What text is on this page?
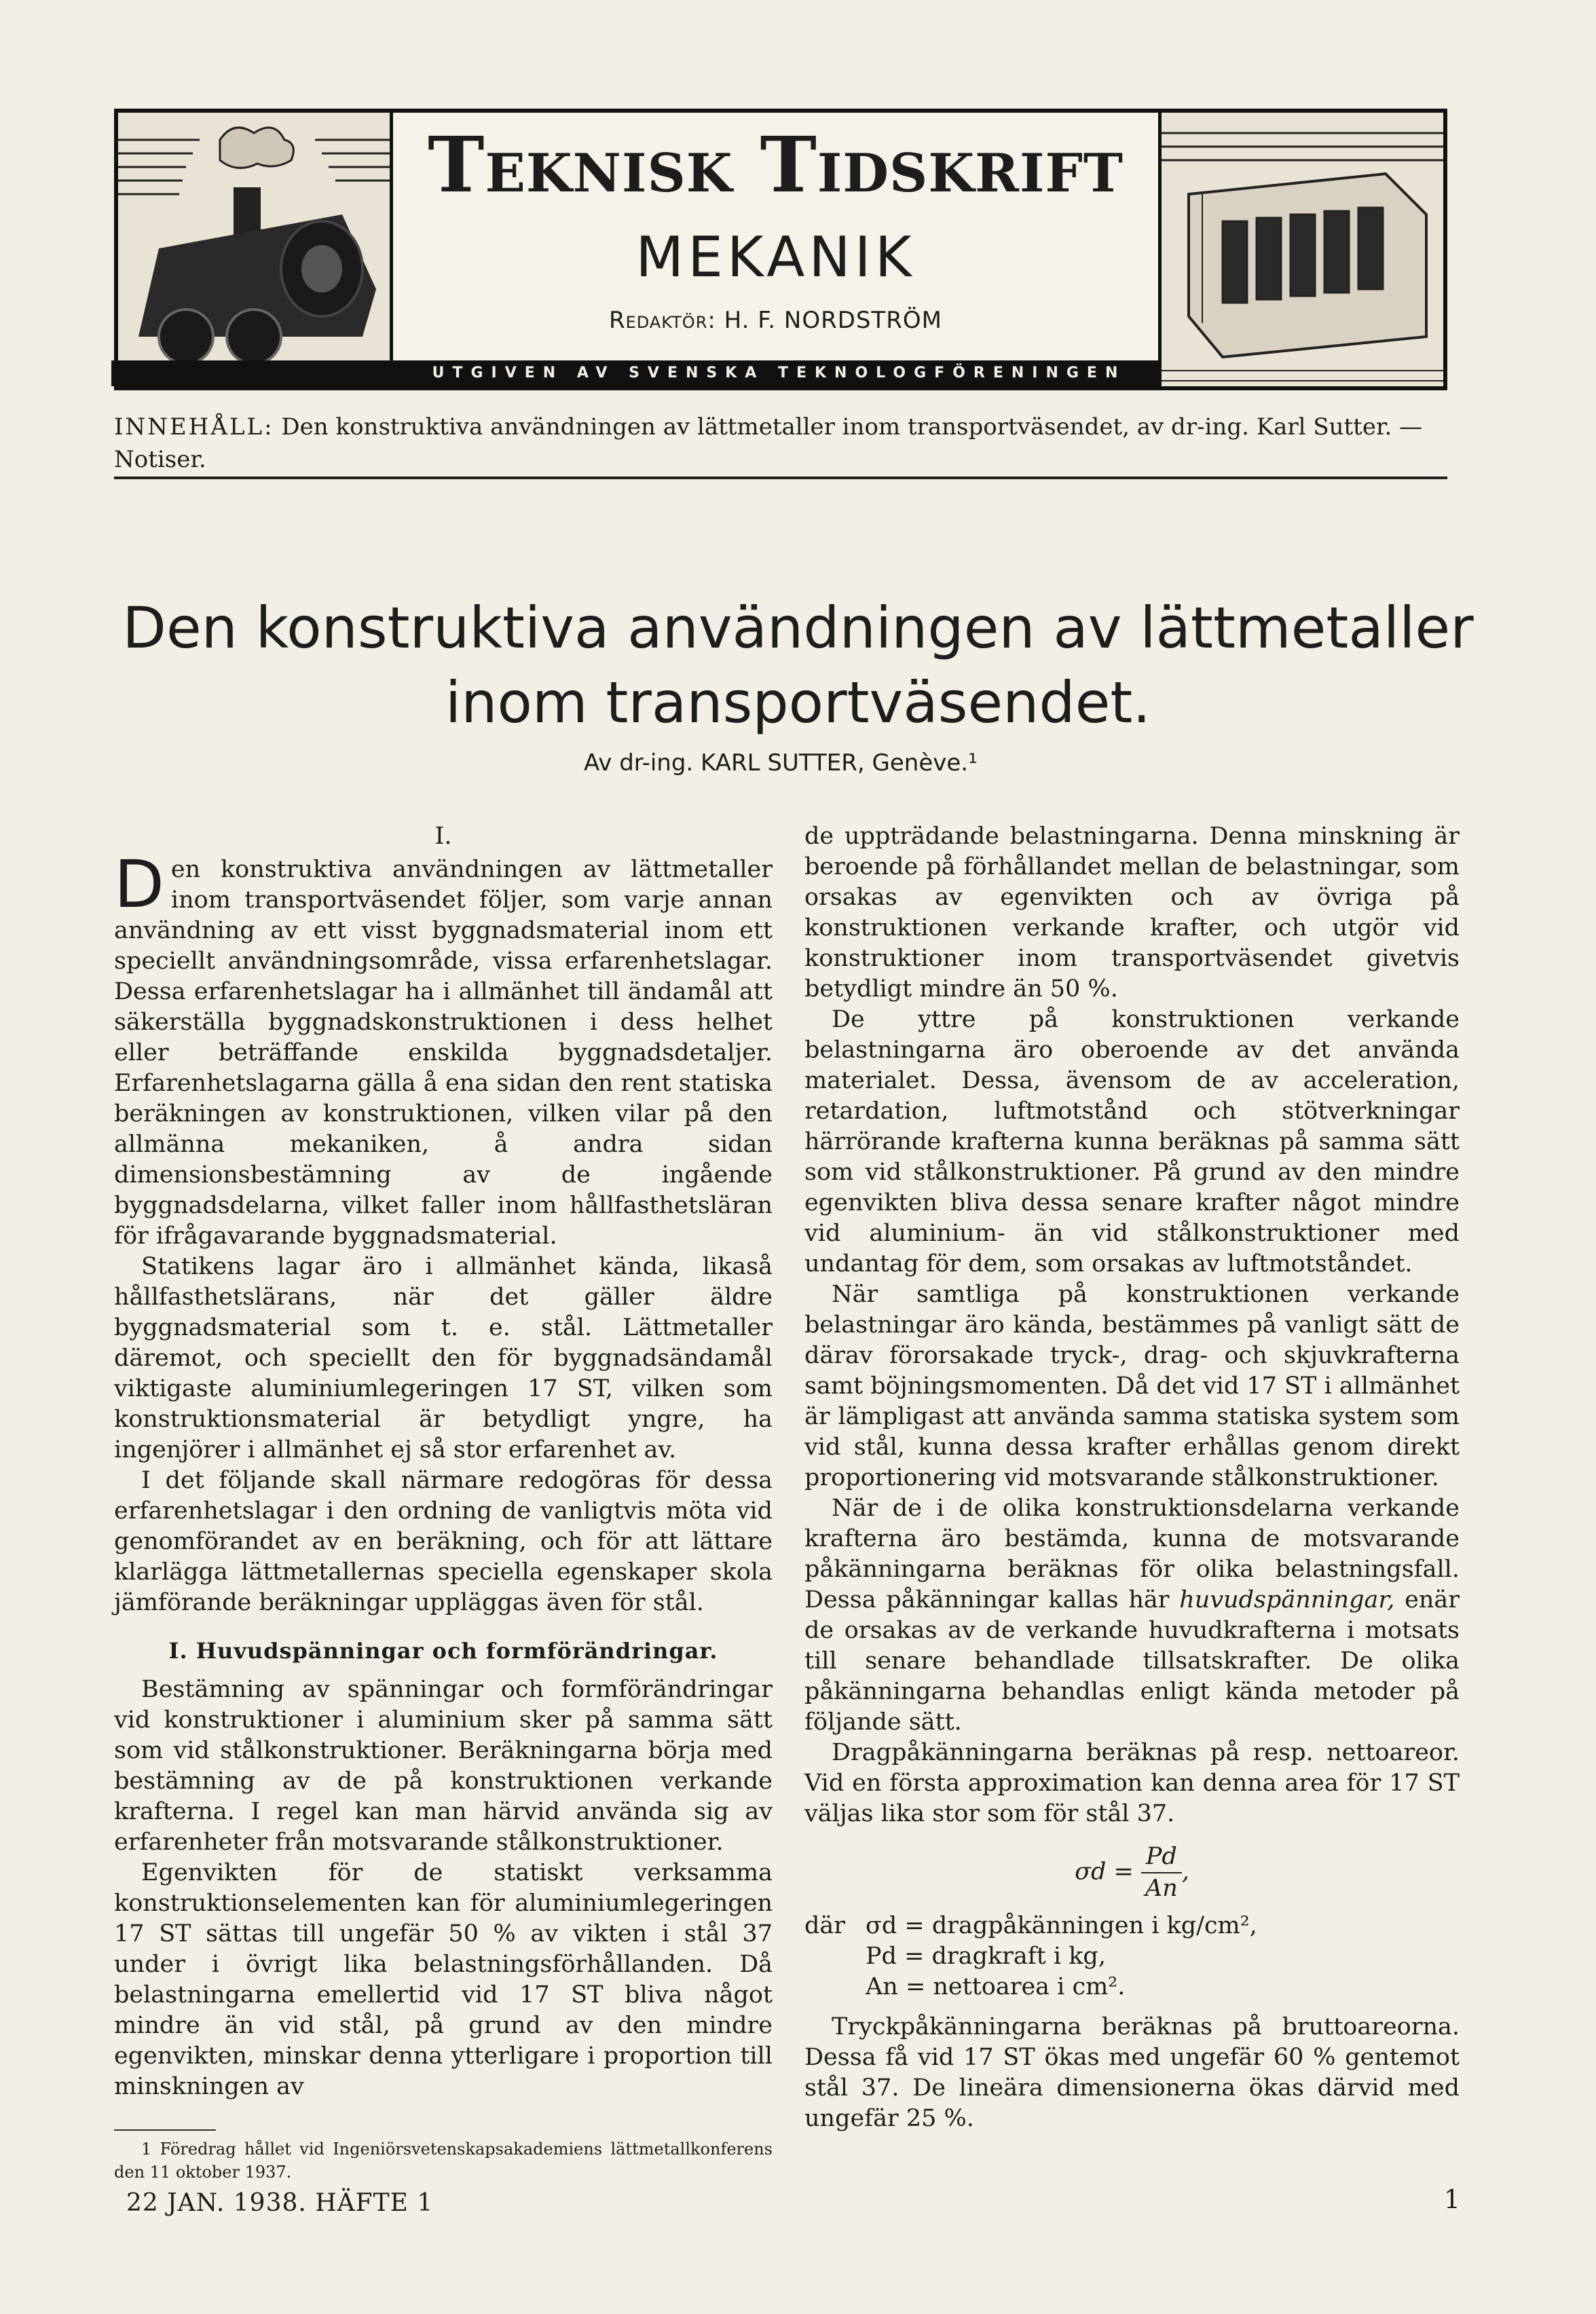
Teknisk Tidskrift
MEKANIK
Redaktör: H. F. NORDSTRÖM
UTGIVEN AV SVENSKA TEKNOLOGFÖRENINGEN
INNEHÅLL: Den konstruktiva användningen av lättmetaller inom transportväsendet, av dr-ing. Karl Sutter. — Notiser.
Den konstruktiva användningen av lättmetaller inom transportväsendet.
Av dr-ing. KARL SUTTER, Genève.¹
I.

Den konstruktiva användningen av lättmetaller inom transportväsendet följer, som varje annan användning av ett visst byggnadsmaterial inom ett speciellt användningsområde, vissa erfarenhetslagar. Dessa erfarenhetslagar ha i allmänhet till ändamål att säkerställa byggnadskonstruktionen i dess helhet eller beträffande enskilda byggnadsdetaljer. Erfarenhetslagarna gälla å ena sidan den rent statiska beräkningen av konstruktionen, vilken vilar på den allmänna mekaniken, å andra sidan dimensionsbestämning av de ingående byggnadsdelarna, vilket faller inom hållfasthetsläran för ifrågavarande byggnadsmaterial.

Statikens lagar äro i allmänhet kända, likaså hållfasthetslärans, när det gäller äldre byggnadsmaterial som t. e. stål. Lättmetaller däremot, och speciellt den för byggnadsändamål viktigaste aluminiumlegeringen 17 ST, vilken som konstruktionsmaterial är betydligt yngre, ha ingenjörer i allmänhet ej så stor erfarenhet av.

I det följande skall närmare redogöras för dessa erfarenhetslagar i den ordning de vanligtvis möta vid genomförandet av en beräkning, och för att lättare klarlägga lättmetallernas speciella egenskaper skola jämförande beräkningar uppläggas även för stål.

I. Huvudspänningar och formförändringar.

Bestämning av spänningar och formförändringar vid konstruktioner i aluminium sker på samma sätt som vid stålkonstruktioner. Beräkningarna börja med bestämning av de på konstruktionen verkande krafterna. I regel kan man härvid använda sig av erfarenheter från motsvarande stålkonstruktioner.

Egenvikten för de statiskt verksamma konstruktionselementen kan för aluminiumlegeringen 17 ST sättas till ungefär 50 % av vikten i stål 37 under i övrigt lika belastningsförhållanden. Då belastningarna emellertid vid 17 ST bliva något mindre än vid stål, på grund av den mindre egenvikten, minskar denna ytterligare i proportion till minskningen av

1 Föredrag hållet vid Ingeniörsvetenskapsakademiens lättmetallkonferens den 11 oktober 1937.

de uppträdande belastningarna. Denna minskning är beroende på förhållandet mellan de belastningar, som orsakas av egenvikten och av övriga på konstruktionen verkande krafter, och utgör vid konstruktioner inom transportväsendet givetvis betydligt mindre än 50 %.

De yttre på konstruktionen verkande belastningarna äro oberoende av det använda materialet. Dessa, ävensom de av acceleration, retardation, luftmotstånd och stötverkningar härrörande krafterna kunna beräknas på samma sätt som vid stålkonstruktioner. På grund av den mindre egenvikten bliva dessa senare krafter något mindre vid aluminium- än vid stålkonstruktioner med undantag för dem, som orsakas av luftmotståndet.

När samtliga på konstruktionen verkande belastningar äro kända, bestämmes på vanligt sätt de därav förorsakade tryck-, drag- och skjuvkrafterna samt böjningsmomenten. Då det vid 17 ST i allmänhet är lämpligast att använda samma statiska system som vid stål, kunna dessa krafter erhållas genom direkt proportionering vid motsvarande stålkonstruktioner.

När de i de olika konstruktionsdelarna verkande krafterna äro bestämda, kunna de motsvarande påkänningarna beräknas för olika belastningsfall. Dessa påkänningar kallas här huvudspänningar, enär de orsakas av de verkande huvudkrafterna i motsats till senare behandlade tillsatskrafter. De olika påkänningarna behandlas enligt kända metoder på följande sätt.

Dragpåkänningarna beräknas på resp. nettoareor. Vid en första approximation kan denna area för 17 ST väljas lika stor som för stål 37.

$\sigma d = \frac{Pd}{An}$ ,
där σd = dragpåkänningen i kg/cm²,
Pd = dragkraft i kg,
An = nettoarea i cm².

Tryckpåkänningarna beräknas på bruttoareorna. Dessa få vid 17 ST ökas med ungefär 60 % gentemot stål 37. De lineära dimensionerna ökas därvid med ungefär 25 %.

22 JAN. 1938. HÄFTE 1	1
